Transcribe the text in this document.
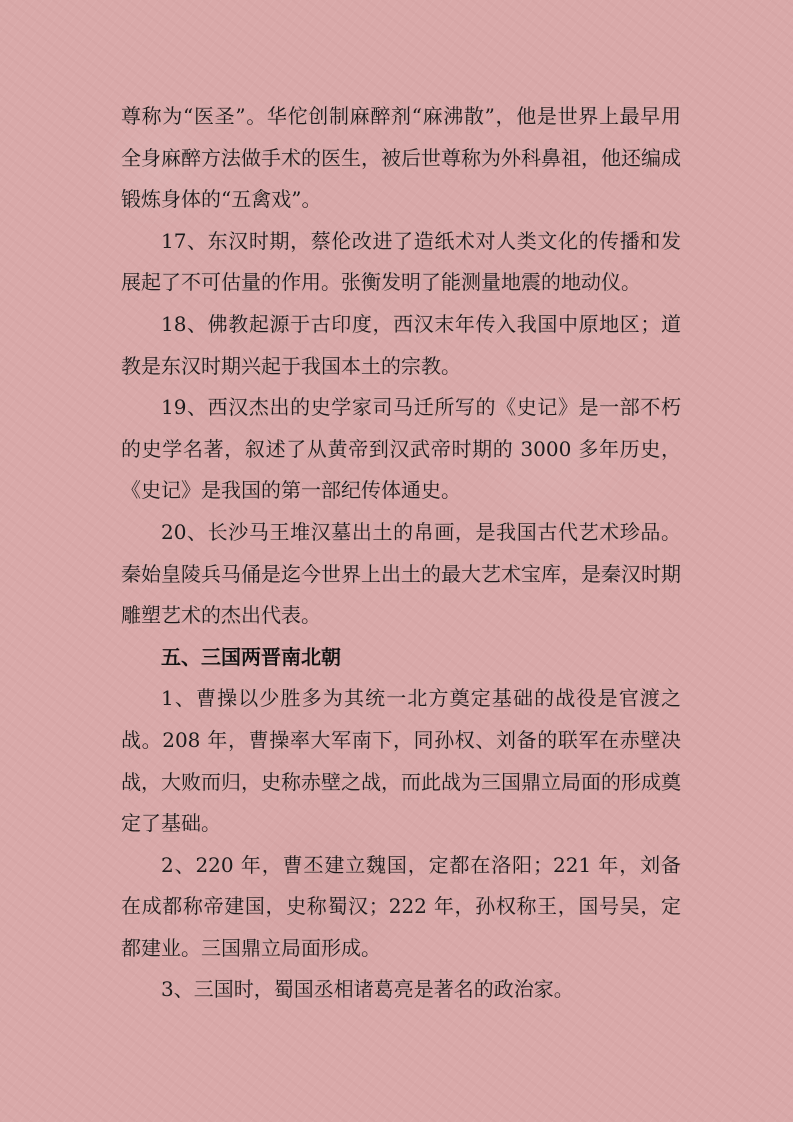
尊称为“医圣”。华佗创制麻醉剂“麻沸散”，他是世界上最早用全身麻醉方法做手术的医生，被后世尊称为外科鼻祖，他还编成锻炼身体的“五禽戏”。

17、东汉时期，蔡伦改进了造纸术对人类文化的传播和发展起了不可估量的作用。张衡发明了能测量地震的地动仪。

18、佛教起源于古印度，西汉末年传入我国中原地区；道教是东汉时期兴起于我国本土的宗教。

19、西汉杰出的史学家司马迁所写的《史记》是一部不朽的史学名著，叙述了从黄帝到汉武帝时期的 3000 多年历史，《史记》是我国的第一部纪传体通史。

20、长沙马王堆汉墓出土的帛画，是我国古代艺术珍品。秦始皇陵兵马俑是迄今世界上出土的最大艺术宝库，是秦汉时期雕塑艺术的杰出代表。

五、三国两晋南北朝

1、曹操以少胜多为其统一北方奠定基础的战役是官渡之战。208 年，曹操率大军南下，同孙权、刘备的联军在赤壁决战，大败而归，史称赤壁之战，而此战为三国鼎立局面的形成奠定了基础。

2、220 年，曹丕建立魏国，定都在洛阳；221 年，刘备在成都称帝建国，史称蜀汉；222 年，孙权称王，国号吴，定都建业。三国鼎立局面形成。

3、三国时，蜀国丞相诸葛亮是著名的政治家。
